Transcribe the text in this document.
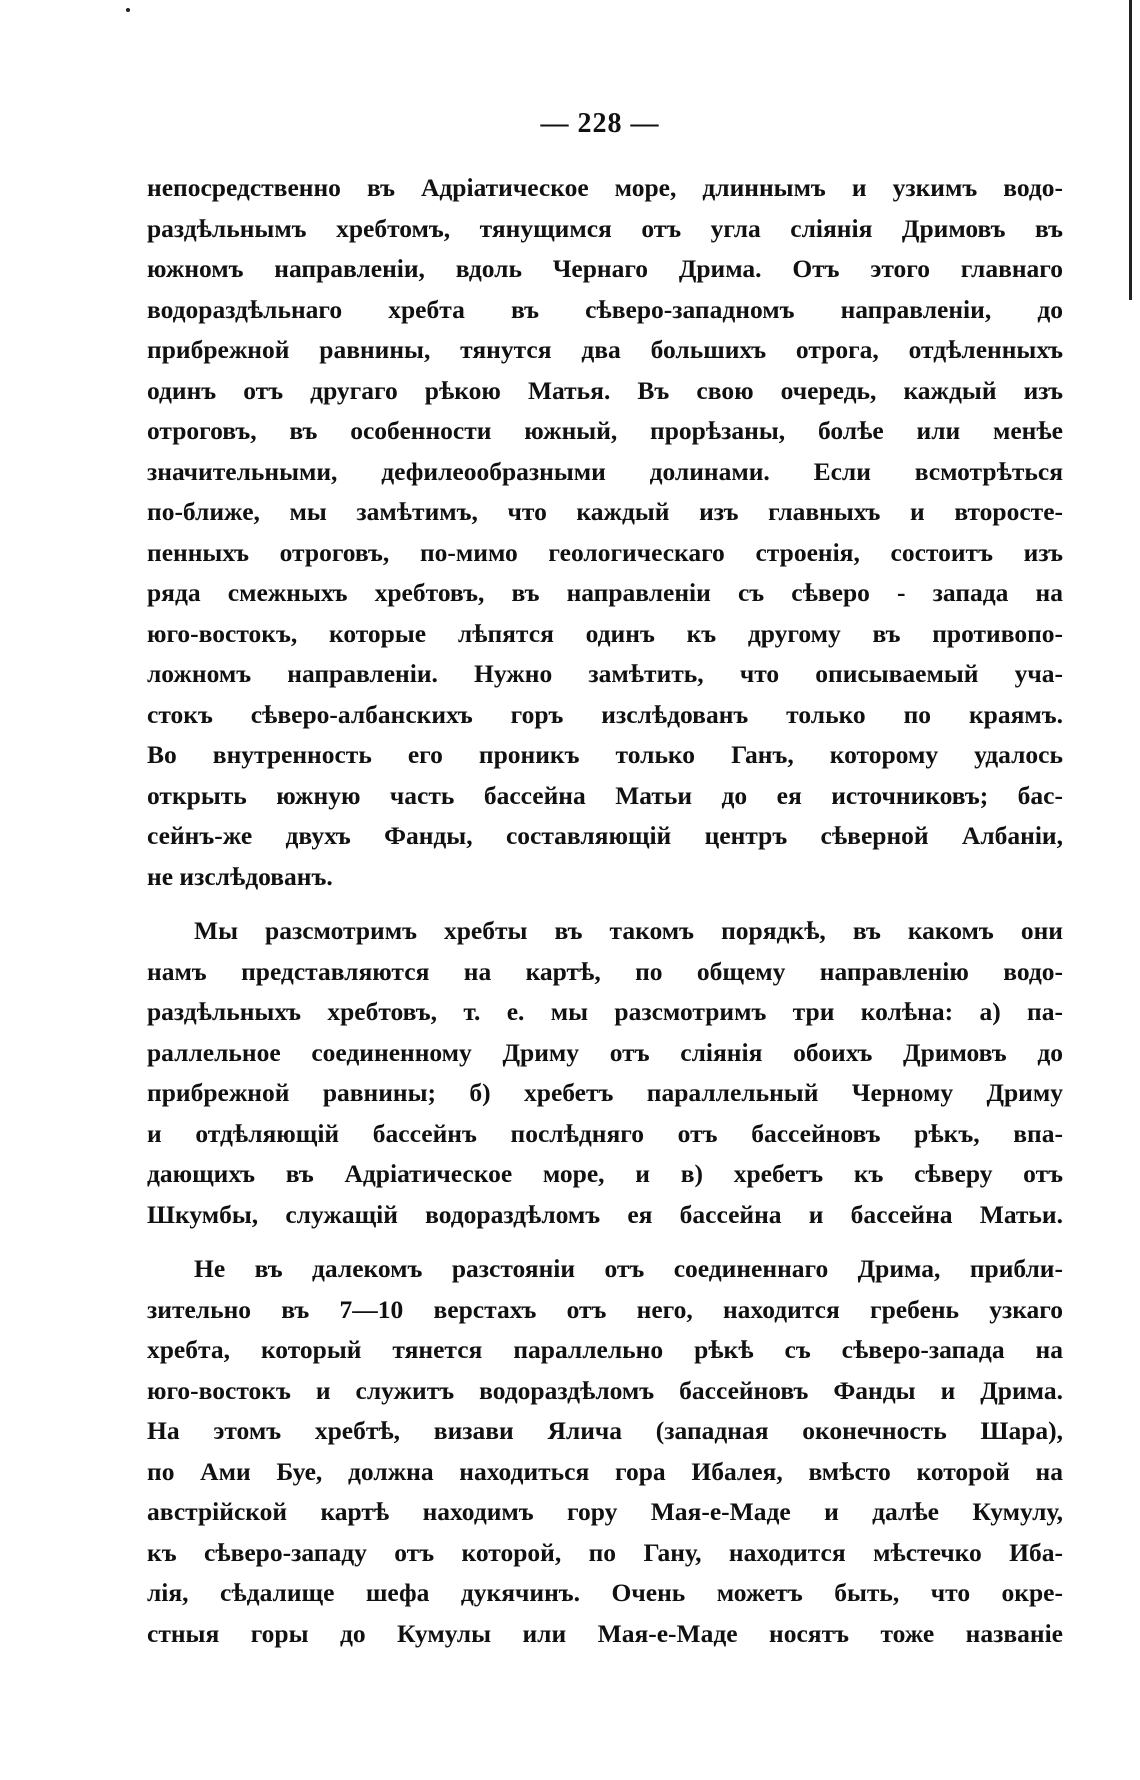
— 228 —
непосредственно въ Адріатическое море, длиннымъ и узкимъ водо-
раздѣльнымъ хребтомъ, тянущимся отъ угла сліянія Дримовъ въ
южномъ направленіи, вдоль Чернаго Дрима. Отъ этого главнаго
водораздѣльнаго хребта въ сѣверо-западномъ направленіи, до
прибрежной равнины, тянутся два большихъ отрога, отдѣленныхъ
одинъ отъ другаго рѣкою Матья. Въ свою очередь, каждый изъ
отроговъ, въ особенности южный, прорѣзаны, болѣе или менѣе
значительными, дефилеообразными долинами. Если всмотрѣться
по-ближе, мы замѣтимъ, что каждый изъ главныхъ и второсте-
пенныхъ отроговъ, по-мимо геологическаго строенія, состоитъ изъ
ряда смежныхъ хребтовъ, въ направленіи съ сѣверо - запада на
юго-востокъ, которые лѣпятся одинъ къ другому въ противопо-
ложномъ направленіи. Нужно замѣтить, что описываемый уча-
стокъ сѣверо-албанскихъ горъ изслѣдованъ только по краямъ.
Во внутренность его проникъ только Ганъ, которому удалось
открыть южную часть бассейна Матьи до ея источниковъ; бас-
сейнъ-же двухъ Фанды, составляющій центръ сѣверной Албаніи,
не изслѣдованъ.
Мы разсмотримъ хребты въ такомъ порядкѣ, въ какомъ они
намъ представляются на картѣ, по общему направленію водо-
раздѣльныхъ хребтовъ, т. е. мы разсмотримъ три колѣна: а) па-
раллельное соединенному Дриму отъ сліянія обоихъ Дримовъ до
прибрежной равнины; б) хребетъ параллельный Черному Дриму
и отдѣляющій бассейнъ послѣдняго отъ бассейновъ рѣкъ, впа-
дающихъ въ Адріатическое море, и в) хребетъ къ сѣверу отъ
Шкумбы, служащій водораздѣломъ ея бассейна и бассейна Матьи.
Не въ далекомъ разстояніи отъ соединеннаго Дрима, прибли-
зительно въ 7—10 верстахъ отъ него, находится гребень узкаго
хребта, который тянется параллельно рѣкѣ съ сѣверо-запада на
юго-востокъ и служитъ водораздѣломъ бассейновъ Фанды и Дрима.
На этомъ хребтѣ, визави Ялича (западная оконечность Шара),
по Ами Буе, должна находиться гора Ибалея, вмѣсто которой на
австрійской картѣ находимъ гору Мая-е-Маде и далѣе Кумулу,
къ сѣверо-западу отъ которой, по Гану, находится мѣстечко Иба-
лія, сѣдалище шефа дукячинъ. Очень можетъ быть, что окре-
стныя горы до Кумулы или Мая-е-Маде носятъ тоже названіе
